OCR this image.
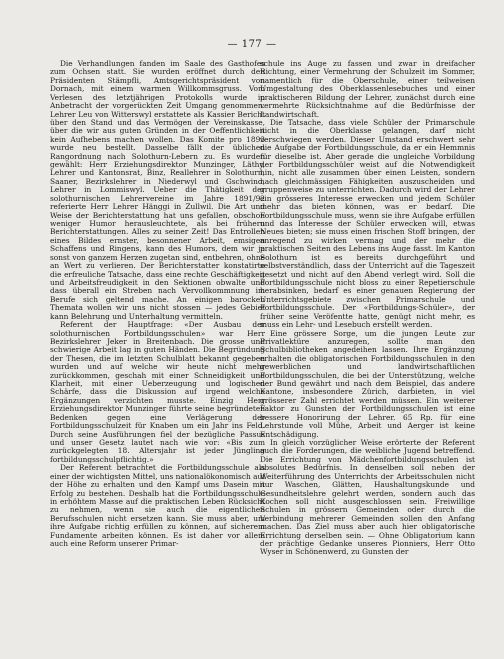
— 177 —

Die Verhandlungen fanden im Saale des Gasthofes zum Ochsen statt. Sie wurden eröffnet durch den Präsidenten Stämpfli, Amtsgerichtspräsident von Dornach, mit einem warmen Willkommsgruss. Vom Verlesen des letztjährigen Protokolls wurde in Anbetracht der vorgerückten Zeit Umgang genommen. Lehrer Leu von Witterswyl erstattete als Kassier Bericht über den Stand und das Vermögen der Vereinskasse, über die wir aus guten Gründen in der Oeffentlichkeit kein Aufhebens machen wollen. Das Komite pro 1893 wurde neu bestellt. Dasselbe fällt der üblichen Rangordnung nach Solothurn-Lebern zu. Es wurden gewählt: Herr Erziehungsdirektor Munzinger, Läthy, Lehrer und Kantonsrat, Binz, Reallehrer in Solothurn, Saaner, Bezirkslehrer in Niederwyl und Gschwind, Lehrer in Lommiswyl. Ueber die Thätigkeit der solothurnischen Lehrervereine im Jahre 1891/92 referierte Herr Lehrer Hänggi in Zullwil. Die Art und Weise der Berichterstattung hat uns gefallen, obschon weniger Humor herausleuchtete, als bei frühern Berichterstattungen. Alles zu seiner Zeit! Das Entrollen eines Bildes ernster, besonnener Arbeit, emsigen Schaffens und Ringens, kann des Humors, dem wir ja sonst von ganzem Herzen zugetan sind, entbehren, ohne an Wert zu verlieren. Der Berichterstatter konstatirte die erfreuliche Tatsache, dass eine rechte Geschäftigkeit und Arbeitsfreudigkeit in den Sektionen obwalte und dass überall ein Streben nach Vervollkommnung im Berufe sich geltend mache. An einigen barocken Themata wollen wir uns nicht stossen — jedes Gebiet kann Belehrung und Unterhaltung vermitteln.

Referent der Hauptfrage: «Der Ausbau der solothurnischen Fortbildungsschulen» war Herr Bezirkslehrer Jeker in Breitenbach. Die grosse und schwierige Arbeit lag in guten Händen. Die Begründung der Thesen, die im letzten Schulblatt bekannt gegeben wurden und auf welche wir heute nicht mehr zurückkommen, geschah mit einer Schneidigkeit und Klarheit, mit einer Ueberzeugung und logischen Schärfe, dass die Diskussion auf irgend welche Ergänzungen verzichten musste. Einzig Herr Erziehungsdirektor Munzinger führte seine begründeten Bedenken gegen eine Verlägerung der Fortbildungsschulzeit für Knaben um ein Jahr ins Feld. Durch seine Ausführungen fiel der bezügliche Passus und unser Gesetz lautet nach wie vor: «Bis zum zurückgelegten 18. Altersjahr ist jeder Jüngling fortbildungsschulpflichtig.»

Der Referent betrachtet die Fortbildungsschule als einer der wichtigsten Mittel, uns nationalökonomisch auf der Höhe zu erhalten und den Kampf ums Dasein mit Erfolg zu bestehen. Deshalb hat die Fortbildungsschule in erhöhtem Masse auf die praktischen Leben Rücksicht zu nehmen, wenn sie auch die eigentlichen Berufsschulen nicht ersetzen kann. Sie muss aber, um ihre Aufgabe richtig erfüllen zu können, auf sicherem Fundamente arbeiten können. Es ist daher vor allem auch eine Reform unserer Primar-

schule ins Auge zu fassen und zwar in dreifacher Richtung, einer Vermehrung der Schulzeit im Sommer, namentlich für die Oberschule, einer teilweisen Umgestaltung des Oberklassenlesebuches und einer praktischeren Bildung der Lehrer, zunächst durch eine vermehrte Rücksichtnahme auf die Bedürfnisse der Landwirtschaft.

Die Tatsache, dass viele Schüler der Primarschule nicht in die Oberklasse gelangen, darf nicht verschwiegen werden. Dieser Umstand erschwert sehr die Aufgabe der Fortbildungsschule, da er ein Hemmnis für dieselbe ist. Aber gerade die ungleiche Vorbildung der Fortbildungsschüler weist auf die Notwendigkeit hin, nicht alle zusammen über einen Leisten, sondern nach gleichmässigen Fähigkeiten auszuscheiden und gruppenweise zu unterrichten. Dadurch wird der Lehrer ein grösseres Interesse erwecken und jedem Schüler mehr das bieten können, was er bedarf. Die Fortbildungsschule muss, wenn sie ihre Aufgabe erfüllen und das Interesse der Schüler erwecken will, etwas Neues bieten; sie muss einen frischen Stoff bringen, der anregend zu wirken vermag und der mehr die praktischen Seiten des Lebens ins Auge fasst. Im Kanton Solothurn ist es bereits durchgeführt und selbstverständlich, dass der Unterricht auf die Tageszeit gesetzt und nicht auf den Abend verlegt wird. Soll die Fortbildungsschule nicht bloss zu einer Repetierschule herabsinken, bedarf es einer genauen Regierung der Unterrichtsgebiete zwischen Primarschule und Fortbildungsschule. Der «Fortbildungs-Schüler», der früher seine Veröfentte hatte, genügt nicht mehr, es muss ein Lehr- und Lesebuch erstellt werden.

Eine grössere Sorge, um die jungen Leute zur Privatlektüre anzuregen, sollte man den Schulbibliotheken angedeihen lassen. Ihre Ergänzung erhalten die obligatorischen Fortbildungsschulen in den gewerblichen und landwirtschaftlichen Fortbildungsschulen, die bei der Unterstützung, welche der Bund gewährt und nach dem Beispiel, das andere Kantone, insbesondere Zürich, darbieten, in viel grösserer Zahl errichtet werden müssen. Ein weiterer Faktor zu Gunsten der Fortbildungsschulen ist eine bessere Honorirung der Lehrer. 65 Rp. für eine Lehrstunde voll Mühe, Arbeit und Aerger ist keine Entschädigung.

In gleich vorzüglicher Weise erörterte der Referent auch die Forderungen, die weibliche Jugend betreffend. Die Errichtung von Mädchenfortbildungsschulen ist absolutes Bedürfnis. In denselben soll neben der Weiterführung des Unterrichts der Arbeitsschulen nicht nur Waschen, Glätten, Haushaltungskunde und Gesundheitslehre gelehrt werden, sondern auch das Kochen soll nicht ausgeschlossen sein. Freiwillige Schulen in grössern Gemeinden oder durch die Verbindung mehrerer Gemeinden sollen den Anfang machen. Das Ziel muss aber auch hier obligatorische Errichtung derselben sein. — Ohne Obligatorium kann der prächtige Gedanke unseres Pionniers, Herr Otto Wyser in Schönenwerd, zu Gunsten der
